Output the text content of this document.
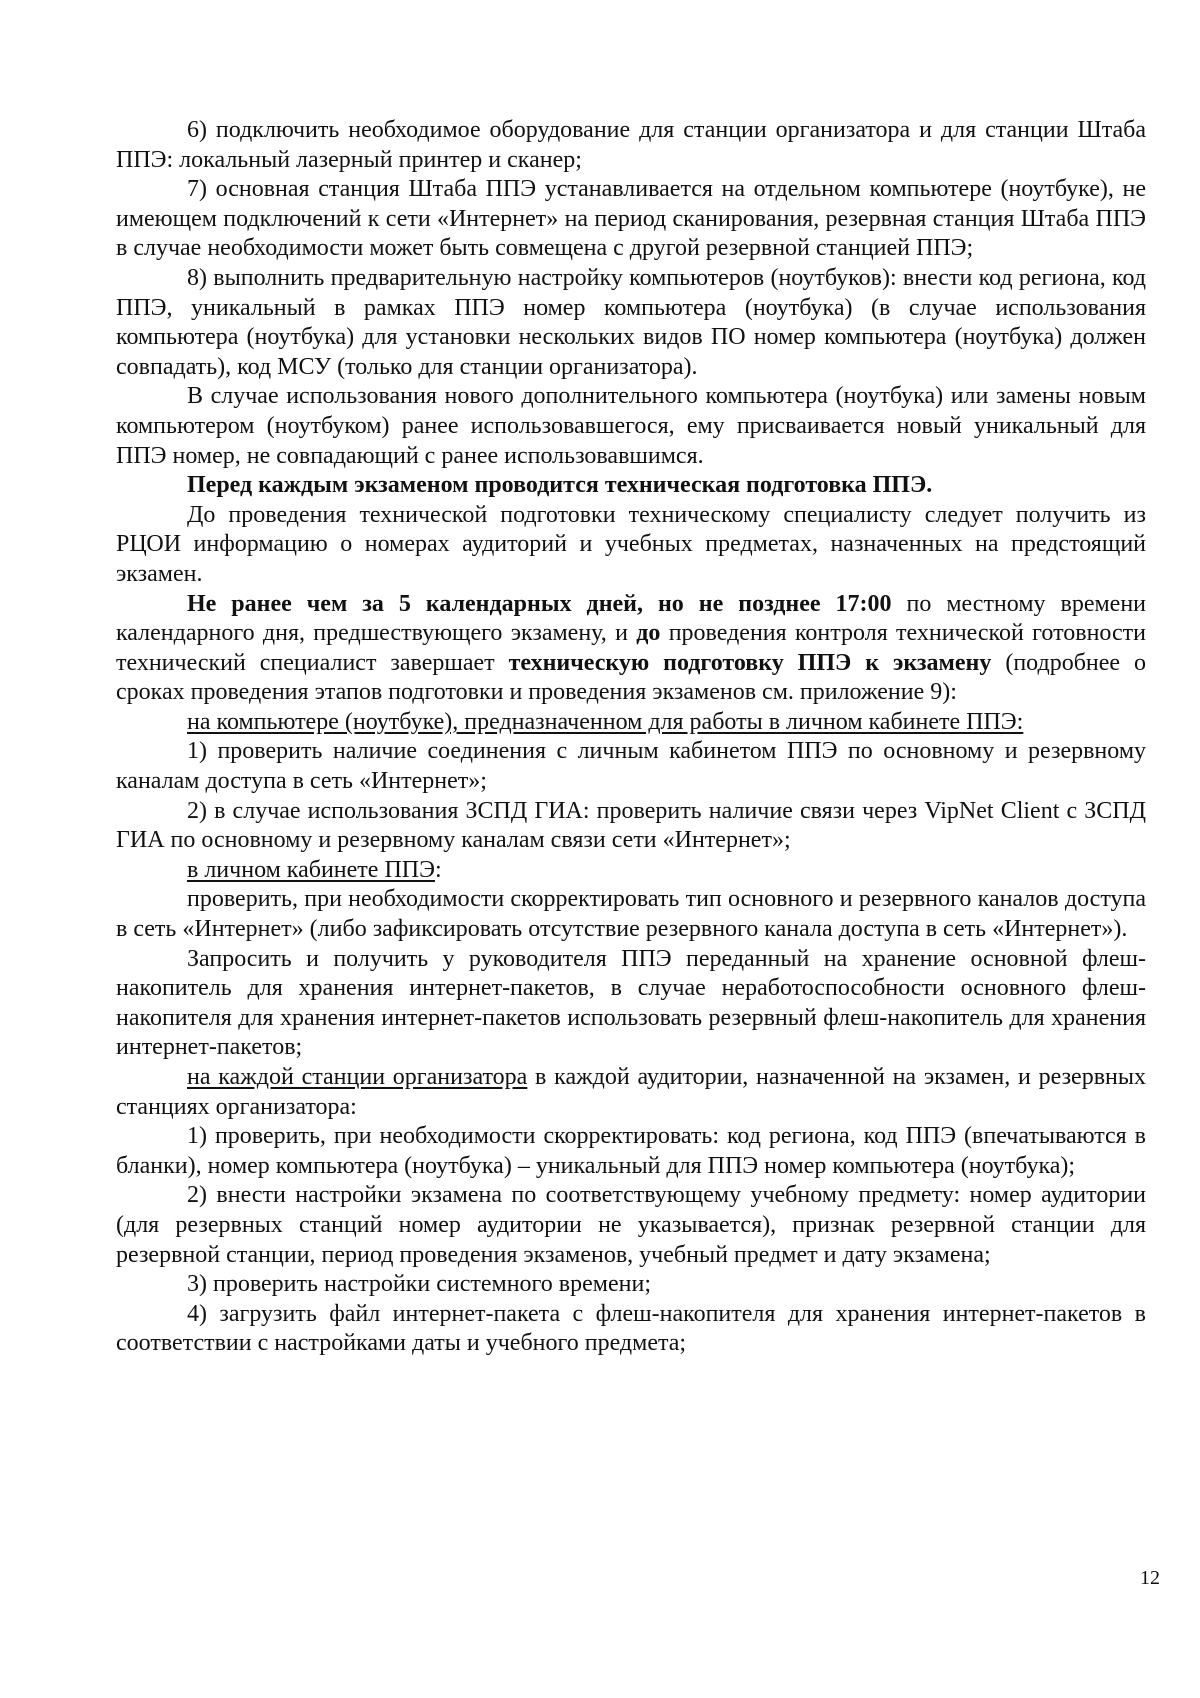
6) подключить необходимое оборудование для станции организатора и для станции Штаба ППЭ: локальный лазерный принтер и сканер;

7) основная станция Штаба ППЭ устанавливается на отдельном компьютере (ноутбуке), не имеющем подключений к сети «Интернет» на период сканирования, резервная станция Штаба ППЭ в случае необходимости может быть совмещена с другой резервной станцией ППЭ;

8) выполнить предварительную настройку компьютеров (ноутбуков): внести код региона, код ППЭ, уникальный в рамках ППЭ номер компьютера (ноутбука) (в случае использования компьютера (ноутбука) для установки нескольких видов ПО номер компьютера (ноутбука) должен совпадать), код МСУ (только для станции организатора).

В случае использования нового дополнительного компьютера (ноутбука) или замены новым компьютером (ноутбуком) ранее использовавшегося, ему присваивается новый уникальный для ППЭ номер, не совпадающий с ранее использовавшимся.

Перед каждым экзаменом проводится техническая подготовка ППЭ.

До проведения технической подготовки техническому специалисту следует получить из РЦОИ информацию о номерах аудиторий и учебных предметах, назначенных на предстоящий экзамен.

Не ранее чем за 5 календарных дней, но не позднее 17:00 по местному времени календарного дня, предшествующего экзамену, и до проведения контроля технической готовности технический специалист завершает техническую подготовку ППЭ к экзамену (подробнее о сроках проведения этапов подготовки и проведения экзаменов см. приложение 9):

на компьютере (ноутбуке), предназначенном для работы в личном кабинете ППЭ:

1) проверить наличие соединения с личным кабинетом ППЭ по основному и резервному каналам доступа в сеть «Интернет»;

2) в случае использования ЗСПД ГИА: проверить наличие связи через VipNet Client с ЗСПД ГИА по основному и резервному каналам связи сети «Интернет»;

в личном кабинете ППЭ:

проверить, при необходимости скорректировать тип основного и резервного каналов доступа в сеть «Интернет» (либо зафиксировать отсутствие резервного канала доступа в сеть «Интернет»).

Запросить и получить у руководителя ППЭ переданный на хранение основной флеш-накопитель для хранения интернет-пакетов, в случае неработоспособности основного флеш-накопителя для хранения интернет-пакетов использовать резервный флеш-накопитель для хранения интернет-пакетов;

на каждой станции организатора в каждой аудитории, назначенной на экзамен, и резервных станциях организатора:

1) проверить, при необходимости скорректировать: код региона, код ППЭ (впечатываются в бланки), номер компьютера (ноутбука) – уникальный для ППЭ номер компьютера (ноутбука);

2) внести настройки экзамена по соответствующему учебному предмету: номер аудитории (для резервных станций номер аудитории не указывается), признак резервной станции для резервной станции, период проведения экзаменов, учебный предмет и дату экзамена;

3) проверить настройки системного времени;

4) загрузить файл интернет-пакета с флеш-накопителя для хранения интернет-пакетов в соответствии с настройками даты и учебного предмета;

12
